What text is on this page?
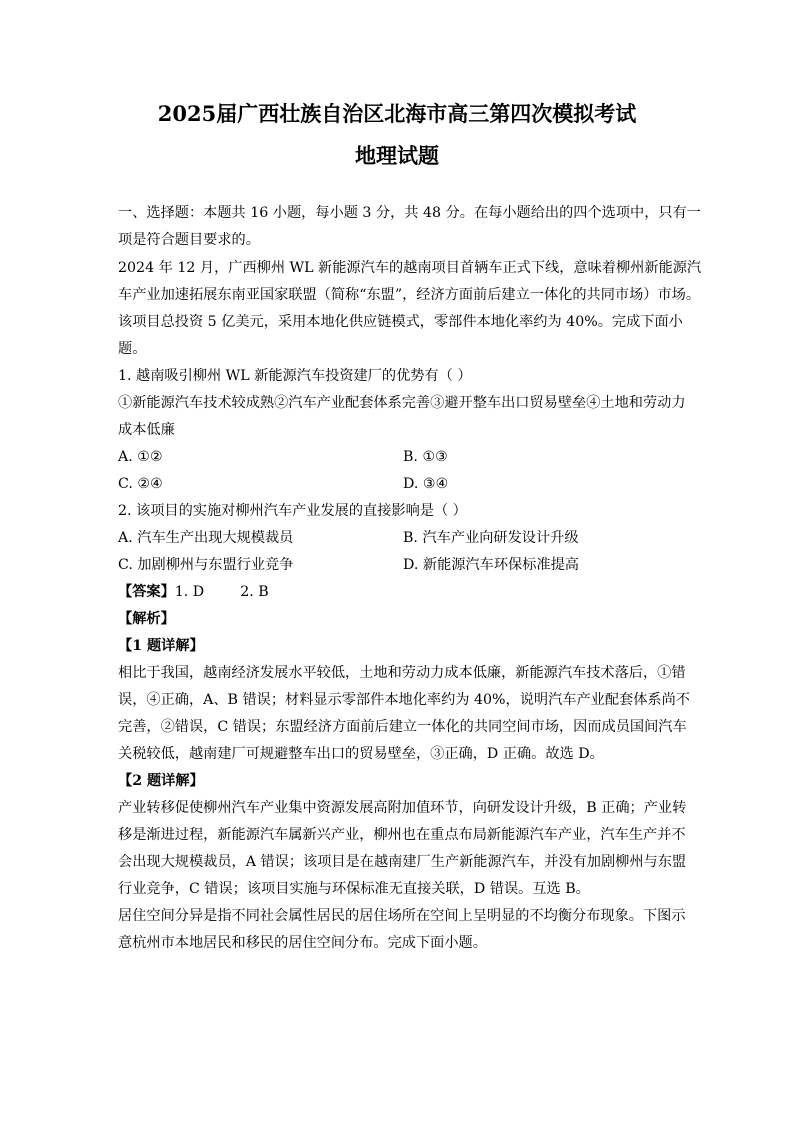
2025届广西壮族自治区北海市高三第四次模拟考试
地理试题
一、选择题：本题共 16 小题，每小题 3 分，共 48 分。在每小题给出的四个选项中，只有一
项是符合题目要求的。
2024 年 12 月，广西柳州 WL 新能源汽车的越南项目首辆车正式下线，意味着柳州新能源汽
车产业加速拓展东南亚国家联盟（简称“东盟”，经济方面前后建立一体化的共同市场）市场。
该项目总投资 5 亿美元，采用本地化供应链模式，零部件本地化率约为 40%。完成下面小
题。
1. 越南吸引柳州 WL 新能源汽车投资建厂的优势有（ ）
①新能源汽车技术较成熟②汽车产业配套体系完善③避开整车出口贸易壁垒④土地和劳动力
成本低廉
A. ①②	B. ①③
C. ②④	D. ③④
2. 该项目的实施对柳州汽车产业发展的直接影响是（ ）
A. 汽车生产出现大规模裁员	B. 汽车产业向研发设计升级
C. 加剧柳州与东盟行业竞争	D. 新能源汽车环保标准提高
【答案】1. D        2. B
【解析】
【1 题详解】
相比于我国，越南经济发展水平较低，土地和劳动力成本低廉，新能源汽车技术落后，①错
误，④正确，A、B 错误；材料显示零部件本地化率约为 40%，说明汽车产业配套体系尚不
完善，②错误，C 错误；东盟经济方面前后建立一体化的共同空间市场，因而成员国间汽车
关税较低，越南建厂可规避整车出口的贸易壁垒，③正确，D 正确。故选 D。
【2 题详解】
产业转移促使柳州汽车产业集中资源发展高附加值环节，向研发设计升级，B 正确；产业转
移是渐进过程，新能源汽车属新兴产业，柳州也在重点布局新能源汽车产业，汽车生产并不
会出现大规模裁员，A 错误；该项目是在越南建厂生产新能源汽车，并没有加剧柳州与东盟
行业竞争，C 错误；该项目实施与环保标准无直接关联，D 错误。互选 B。
居住空间分异是指不同社会属性居民的居住场所在空间上呈明显的不均衡分布现象。下图示
意杭州市本地居民和移民的居住空间分布。完成下面小题。
